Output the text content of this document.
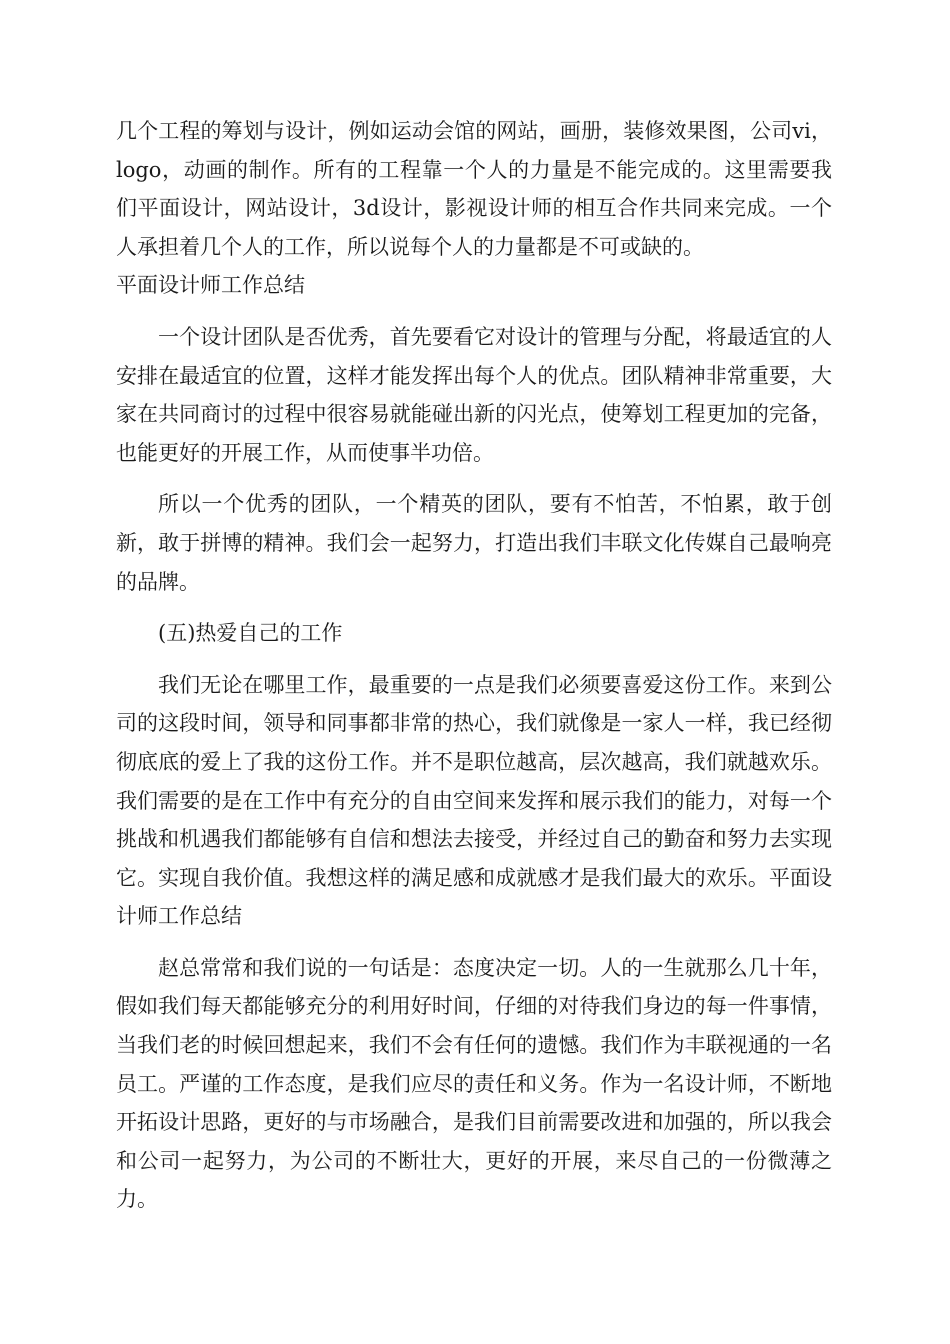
几个工程的筹划与设计，例如运动会馆的网站，画册，装修效果图，公司vi，logo，动画的制作。所有的工程靠一个人的力量是不能完成的。这里需要我们平面设计，网站设计，3d设计，影视设计师的相互合作共同来完成。一个人承担着几个人的工作，所以说每个人的力量都是不可或缺的。

平面设计师工作总结

一个设计团队是否优秀，首先要看它对设计的管理与分配，将最适宜的人安排在最适宜的位置，这样才能发挥出每个人的优点。团队精神非常重要，大家在共同商讨的过程中很容易就能碰出新的闪光点，使筹划工程更加的完备，也能更好的开展工作，从而使事半功倍。

所以一个优秀的团队，一个精英的团队，要有不怕苦，不怕累，敢于创新，敢于拼博的精神。我们会一起努力，打造出我们丰联文化传媒自己最响亮的品牌。

(五)热爱自己的工作

我们无论在哪里工作，最重要的一点是我们必须要喜爱这份工作。来到公司的这段时间，领导和同事都非常的热心，我们就像是一家人一样，我已经彻彻底底的爱上了我的这份工作。并不是职位越高，层次越高，我们就越欢乐。我们需要的是在工作中有充分的自由空间来发挥和展示我们的能力，对每一个挑战和机遇我们都能够有自信和想法去接受，并经过自己的勤奋和努力去实现它。实现自我价值。我想这样的满足感和成就感才是我们最大的欢乐。平面设计师工作总结

赵总常常和我们说的一句话是：态度决定一切。人的一生就那么几十年，假如我们每天都能够充分的利用好时间，仔细的对待我们身边的每一件事情，当我们老的时候回想起来，我们不会有任何的遗憾。我们作为丰联视通的一名员工。严谨的工作态度，是我们应尽的责任和义务。作为一名设计师，不断地开拓设计思路，更好的与市场融合，是我们目前需要改进和加强的，所以我会和公司一起努力，为公司的不断壮大，更好的开展，来尽自己的一份微薄之力。
